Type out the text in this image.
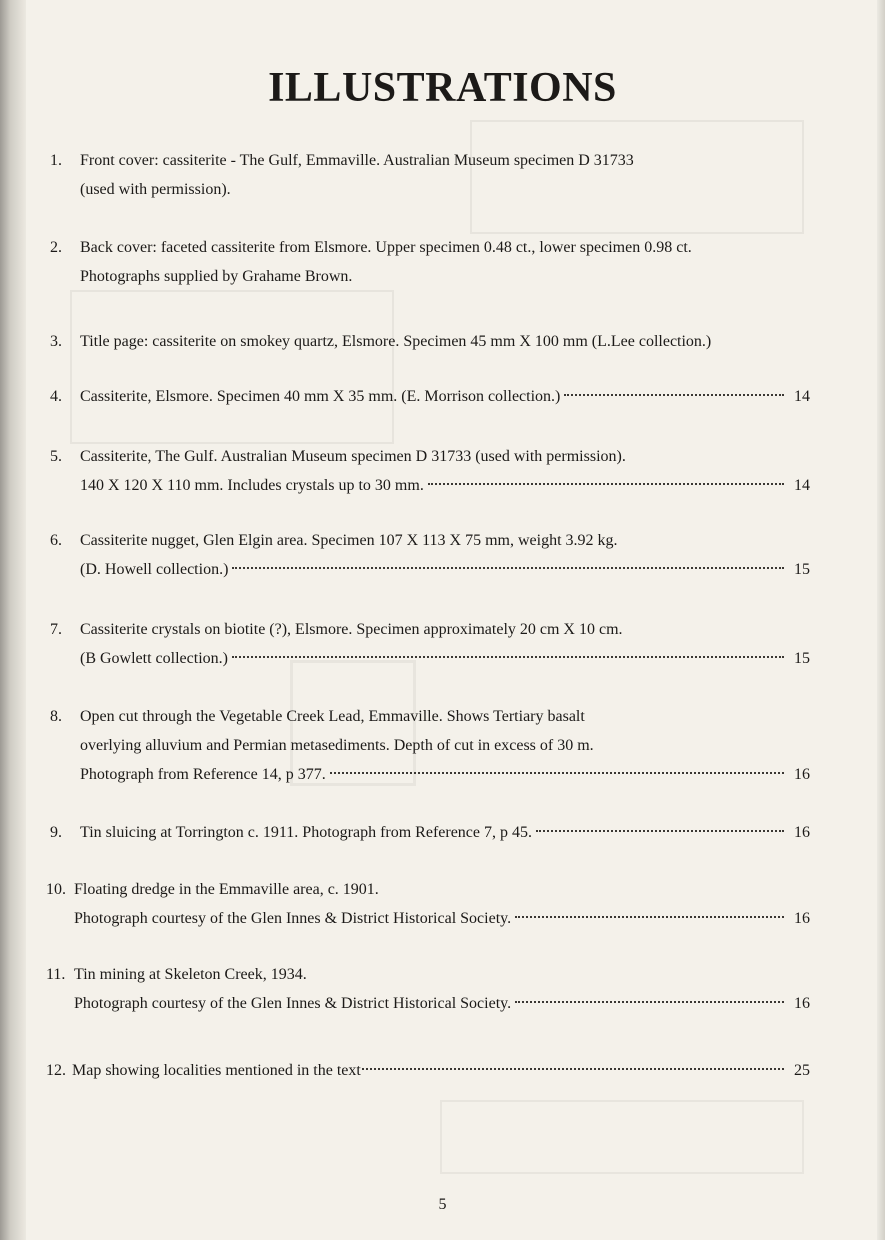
ILLUSTRATIONS
1.	Front cover: cassiterite - The Gulf, Emmaville. Australian Museum specimen D 31733
(used with permission).
2.	Back cover: faceted cassiterite from Elsmore. Upper specimen 0.48 ct., lower specimen 0.98 ct.
Photographs supplied by Grahame Brown.
3.	Title page: cassiterite on smokey quartz, Elsmore. Specimen 45 mm X 100 mm (L.Lee collection.)
4. Cassiterite, Elsmore. Specimen 40 mm X 35 mm. (E. Morrison collection.)	14
5.	Cassiterite, The Gulf. Australian Museum specimen D 31733 (used with permission).
140 X 120 X 110 mm. Includes crystals up to 30 mm.	14
6.	Cassiterite nugget, Glen Elgin area. Specimen 107 X 113 X 75 mm, weight 3.92 kg.
(D. Howell collection.)	15
7.	Cassiterite crystals on biotite (?), Elsmore. Specimen approximately 20 cm X 10 cm.
(B Gowlett collection.)	15
8.	Open cut through the Vegetable Creek Lead, Emmaville. Shows Tertiary basalt
overlying alluvium and Permian metasediments. Depth of cut in excess of 30 m.
Photograph from Reference 14, p 377.	16
9. Tin sluicing at Torrington c. 1911. Photograph from Reference 7, p 45.	16
10. Floating dredge in the Emmaville area, c. 1901.
Photograph courtesy of the Glen Innes & District Historical Society.	16
11. Tin mining at Skeleton Creek, 1934.
Photograph courtesy of the Glen Innes & District Historical Society.	16
12. Map showing localities mentioned in the text	25
5
